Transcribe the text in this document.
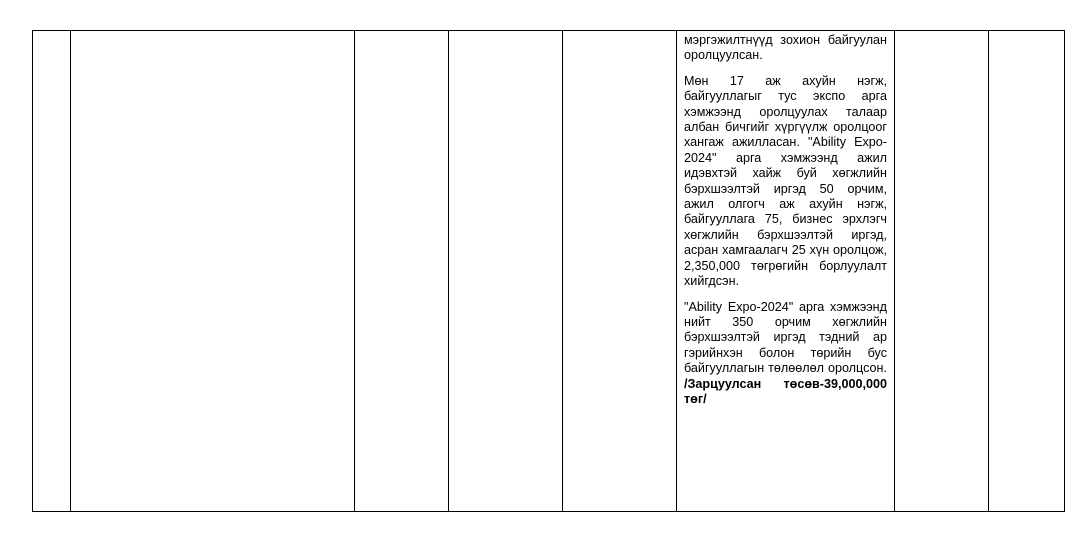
мэргэжилтнүүд зохион байгуулан оролцуулсан.

Мөн 17 аж ахуйн нэгж, байгууллагыг тус экспо арга хэмжээнд оролцуулах талаар албан бичгийг хүргүүлж оролцоог хангаж ажилласан. "Ability Expo-2024" арга хэмжээнд ажил идэвхтэй хайж буй хөгжлийн бэрхшээлтэй иргэд 50 орчим, ажил олгогч аж ахуйн нэгж, байгууллага 75, бизнес эрхлэгч хөгжлийн бэрхшээлтэй иргэд, асран хамгаалагч 25 хүн оролцож, 2,350,000 төгрөгийн борлуулалт хийгдсэн.

"Ability Expo-2024" арга хэмжээнд нийт 350 орчим хөгжлийн бэрхшээлтэй иргэд тэдний ар гэрийнхэн болон төрийн бус байгууллагын төлөөлөл оролцсон. /Зарцуулсан төсөв-39,000,000 төг/
